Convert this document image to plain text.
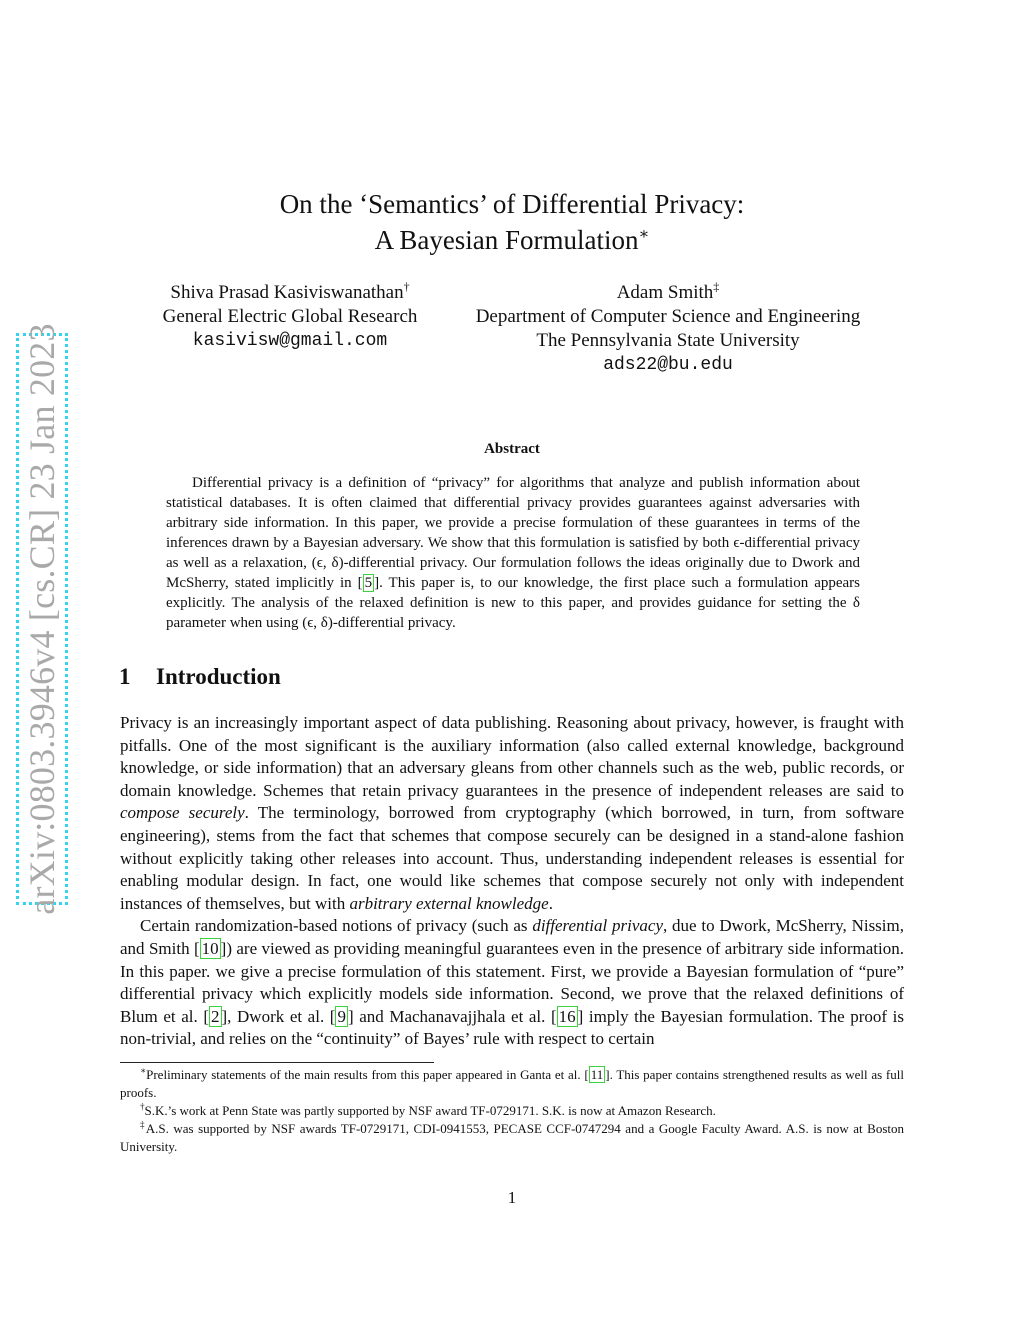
arXiv:0803.3946v4 [cs.CR] 23 Jan 2023
On the ‘Semantics’ of Differential Privacy:
A Bayesian Formulation∗
Shiva Prasad Kasiviswanathan†
General Electric Global Research
kasivisw@gmail.com
Adam Smith‡
Department of Computer Science and Engineering
The Pennsylvania State University
ads22@bu.edu
Abstract

Differential privacy is a definition of “privacy” for algorithms that analyze and publish information about statistical databases. It is often claimed that differential privacy provides guarantees against adversaries with arbitrary side information. In this paper, we provide a precise formulation of these guarantees in terms of the inferences drawn by a Bayesian adversary. We show that this formulation is satisfied by both ϵ-differential privacy as well as a relaxation, (ϵ, δ)-differential privacy. Our formulation follows the ideas originally due to Dwork and McSherry, stated implicitly in [ 5 ]. This paper is, to our knowledge, the first place such a formulation appears explicitly. The analysis of the relaxed definition is new to this paper, and provides guidance for setting the δ parameter when using (ϵ, δ)-differential privacy.

1 Introduction

Privacy is an increasingly important aspect of data publishing. Reasoning about privacy, however, is fraught with pitfalls. One of the most significant is the auxiliary information (also called external knowledge, background knowledge, or side information) that an adversary gleans from other channels such as the web, public records, or domain knowledge. Schemes that retain privacy guarantees in the presence of independent releases are said to compose securely. The terminology, borrowed from cryptography (which borrowed, in turn, from software engineering), stems from the fact that schemes that compose securely can be designed in a stand-alone fashion without explicitly taking other releases into account. Thus, understanding independent releases is essential for enabling modular design. In fact, one would like schemes that compose securely not only with independent instances of themselves, but with arbitrary external knowledge.

Certain randomization-based notions of privacy (such as differential privacy, due to Dwork, McSherry, Nissim, and Smith [ 10 ]) are viewed as providing meaningful guarantees even in the presence of arbitrary side information. In this paper. we give a precise formulation of this statement. First, we provide a Bayesian formulation of “pure” differential privacy which explicitly models side information. Second, we prove that the relaxed definitions of Blum et al. [ 2 ], Dwork et al. [ 9 ] and Machanavajjhala et al. [ 16 ] imply the Bayesian formulation. The proof is non-trivial, and relies on the “continuity” of Bayes’ rule with respect to certain

∗Preliminary statements of the main results from this paper appeared in Ganta et al. [ 11 ]. This paper contains strengthened results as well as full proofs.

†S.K.’s work at Penn State was partly supported by NSF award TF-0729171. S.K. is now at Amazon Research.

‡A.S. was supported by NSF awards TF-0729171, CDI-0941553, PECASE CCF-0747294 and a Google Faculty Award. A.S. is now at Boston University.

1
